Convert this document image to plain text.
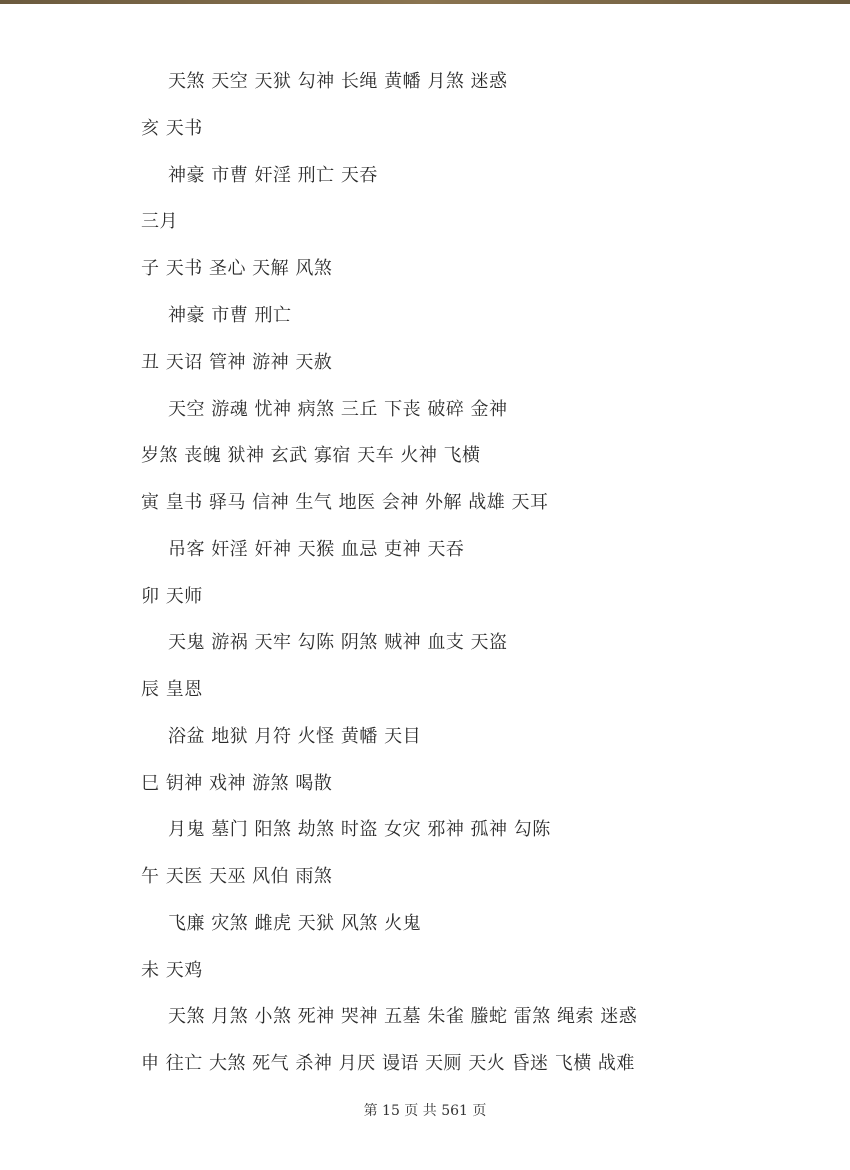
天煞 天空 天狱 勾神 长绳 黄幡 月煞 迷惑
亥 天书
神豪 市曹 奸淫 刑亡 天吞
三月
子 天书 圣心 天解 风煞
神豪 市曹 刑亡
丑 天诏 管神 游神 天赦
天空 游魂 忧神 病煞 三丘 下丧 破碎 金神
岁煞 丧魄 狱神 玄武 寡宿 天车 火神 飞横
寅 皇书 驿马 信神 生气 地医 会神 外解 战雄 天耳
吊客 奸淫 奸神 天猴 血忌 吏神 天吞
卯 天师
天鬼 游祸 天牢 勾陈 阴煞 贼神 血支 天盗
辰 皇恩
浴盆 地狱 月符 火怪 黄幡 天目
巳 钥神 戏神 游煞 喝散
月鬼 墓门 阳煞 劫煞 时盗 女灾 邪神 孤神 勾陈
午 天医 天巫 风伯 雨煞
飞廉 灾煞 雌虎 天狱 风煞 火鬼
未 天鸡
天煞 月煞 小煞 死神 哭神 五墓 朱雀 螣蛇 雷煞 绳索 迷惑
申 往亡 大煞 死气 杀神 月厌 谩语 天厕 天火 昏迷 飞横 战难
第 15 页 共 561 页
